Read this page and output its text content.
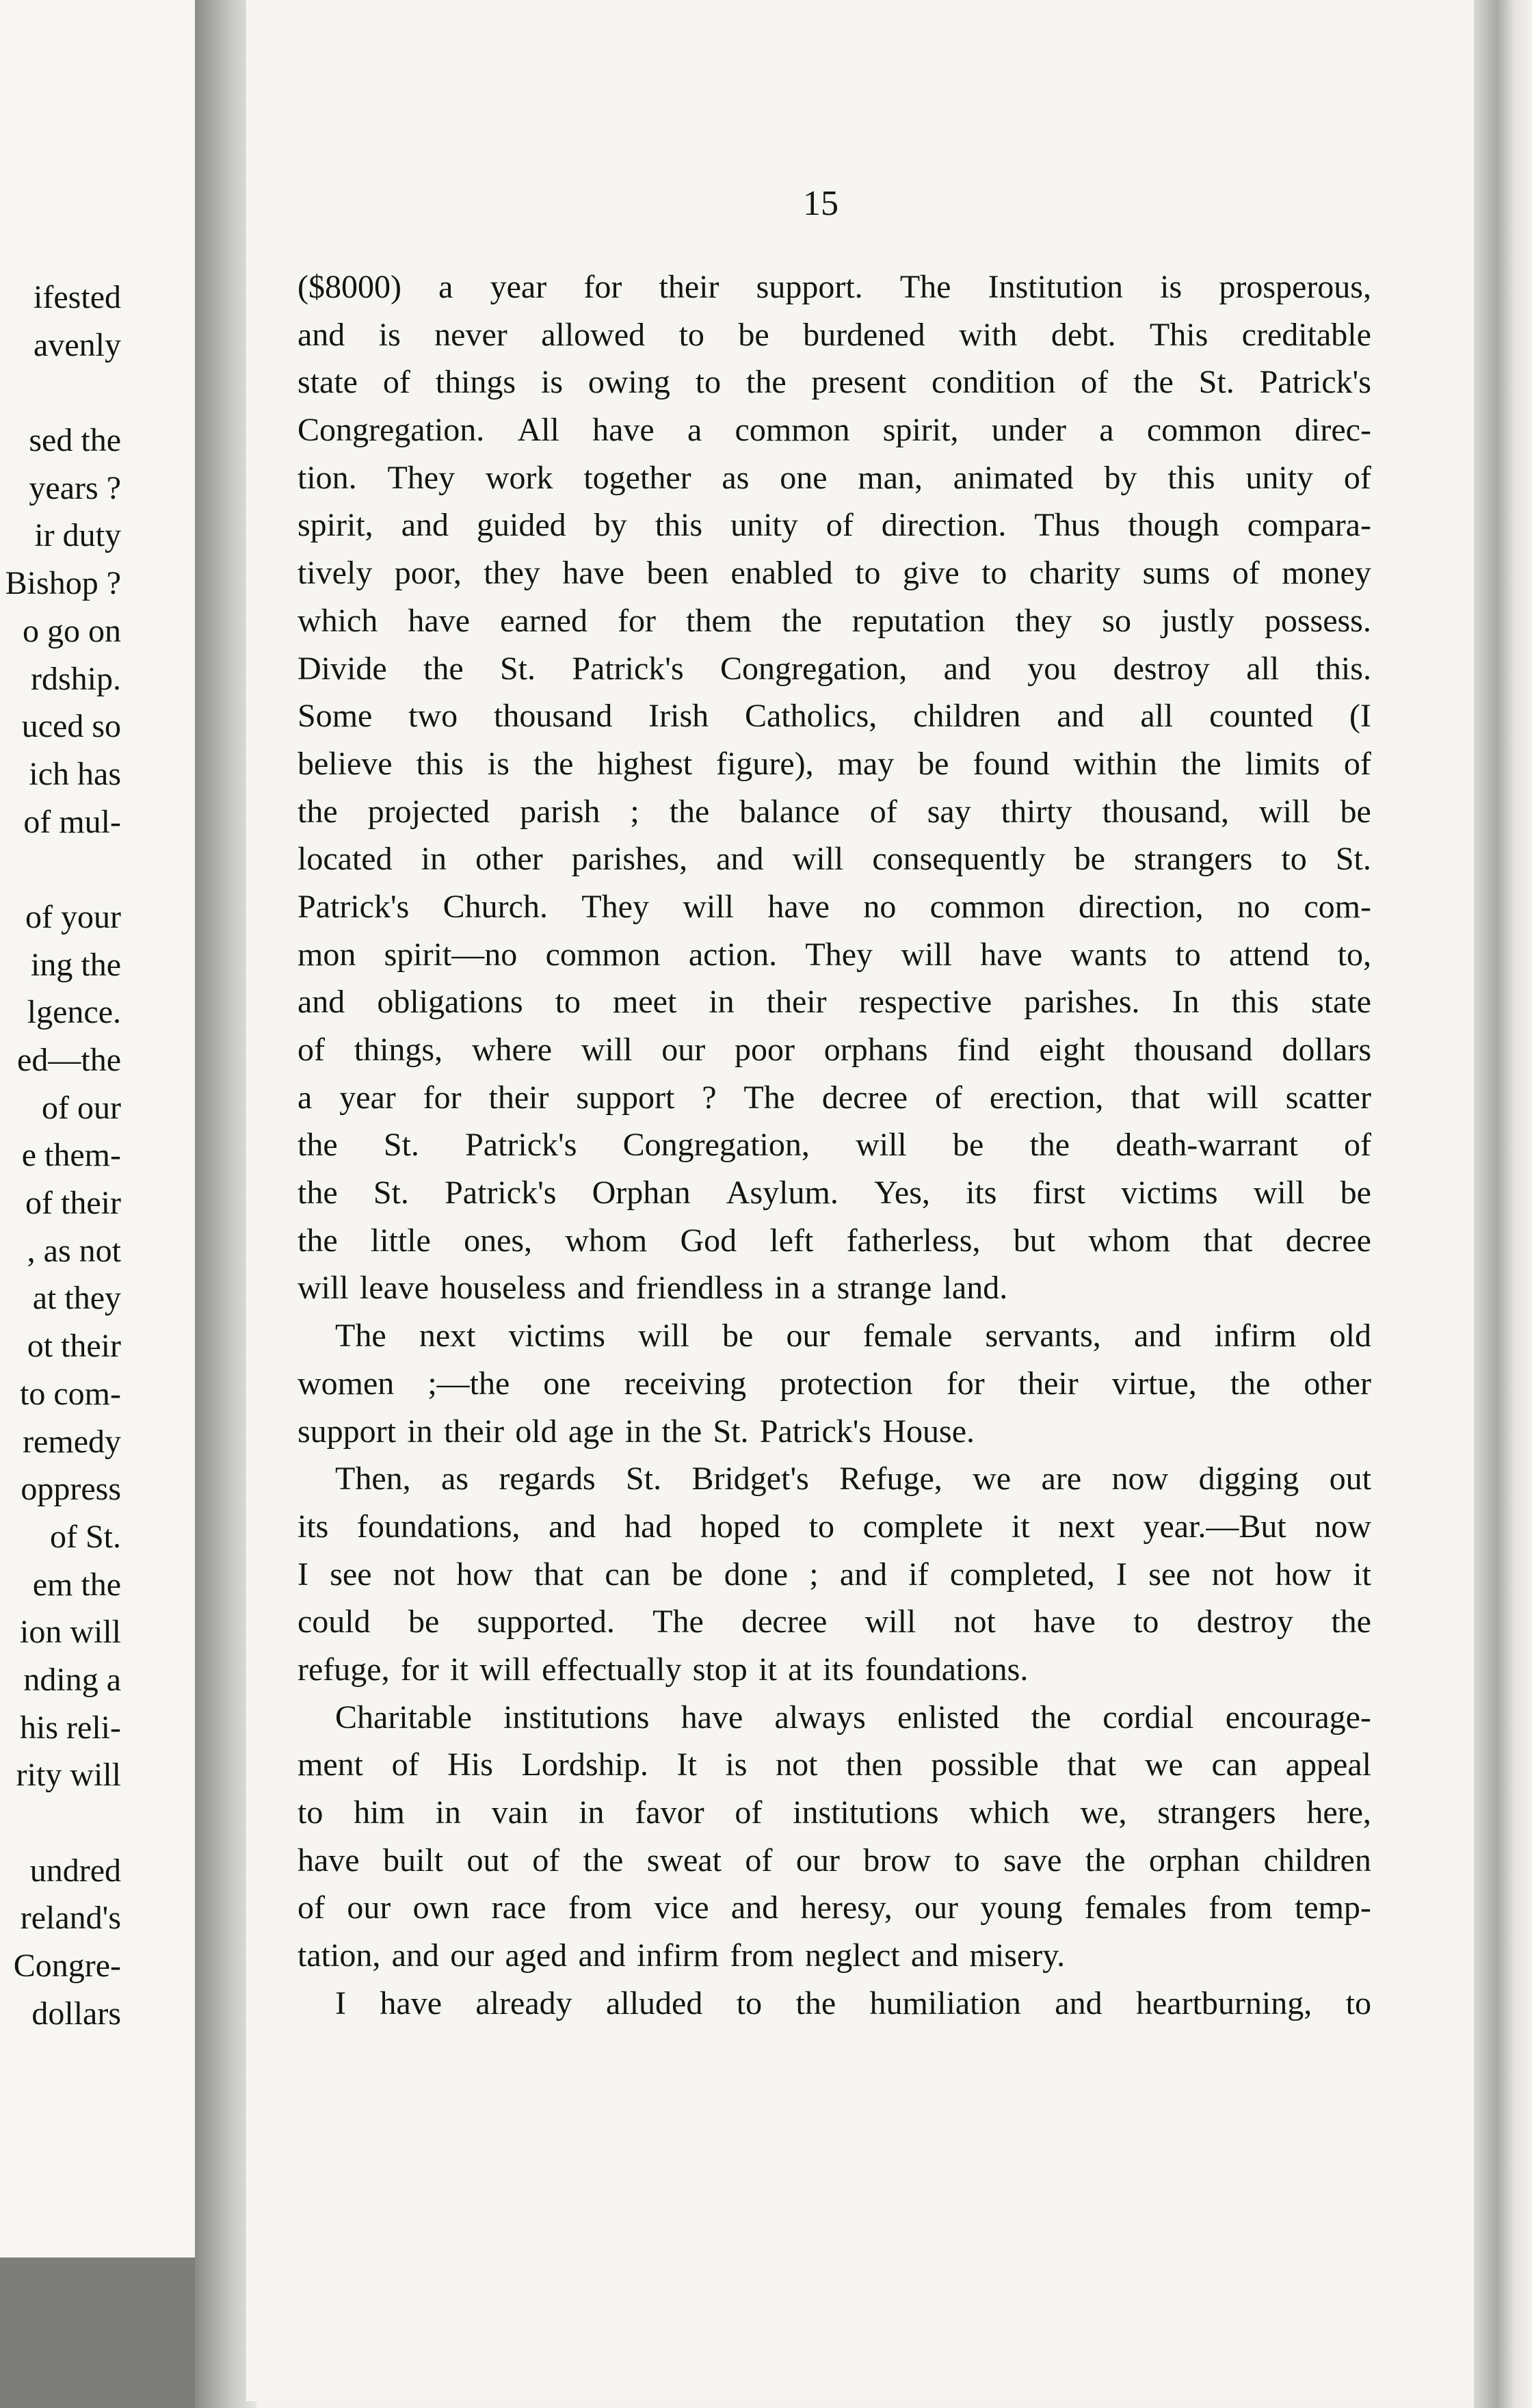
ifested
avenly
sed the
years ?
ir duty
Bishop ?
o go on
rdship.
uced so
ich has
of mul-
of your
ing the
lgence.
ed—the
of our
e them-
of their
, as not
at they
ot their
to com-
remedy
oppress
of St.
em the
ion will
nding a
his reli-
rity will
undred
reland's
Congre-
dollars
15
($8000) a year for their support. The Institution is prosperous,
and is never allowed to be burdened with debt. This creditable
state of things is owing to the present condition of the St. Patrick's
Congregation. All have a common spirit, under a common direc-
tion. They work together as one man, animated by this unity of
spirit, and guided by this unity of direction. Thus though compara-
tively poor, they have been enabled to give to charity sums of money
which have earned for them the reputation they so justly possess.
Divide the St. Patrick's Congregation, and you destroy all this.
Some two thousand Irish Catholics, children and all counted (I
believe this is the highest figure), may be found within the limits of
the projected parish ; the balance of say thirty thousand, will be
located in other parishes, and will consequently be strangers to St.
Patrick's Church. They will have no common direction, no com-
mon spirit—no common action. They will have wants to attend to,
and obligations to meet in their respective parishes. In this state
of things, where will our poor orphans find eight thousand dollars
a year for their support ? The decree of erection, that will scatter
the St. Patrick's Congregation, will be the death-warrant of
the St. Patrick's Orphan Asylum. Yes, its first victims will be
the little ones, whom God left fatherless, but whom that decree
will leave houseless and friendless in a strange land.
The next victims will be our female servants, and infirm old
women ;—the one receiving protection for their virtue, the other
support in their old age in the St. Patrick's House.
Then, as regards St. Bridget's Refuge, we are now digging out
its foundations, and had hoped to complete it next year.—But now
I see not how that can be done ; and if completed, I see not how it
could be supported. The decree will not have to destroy the
refuge, for it will effectually stop it at its foundations.
Charitable institutions have always enlisted the cordial encourage-
ment of His Lordship. It is not then possible that we can appeal
to him in vain in favor of institutions which we, strangers here,
have built out of the sweat of our brow to save the orphan children
of our own race from vice and heresy, our young females from temp-
tation, and our aged and infirm from neglect and misery.
I have already alluded to the humiliation and heartburning, to
